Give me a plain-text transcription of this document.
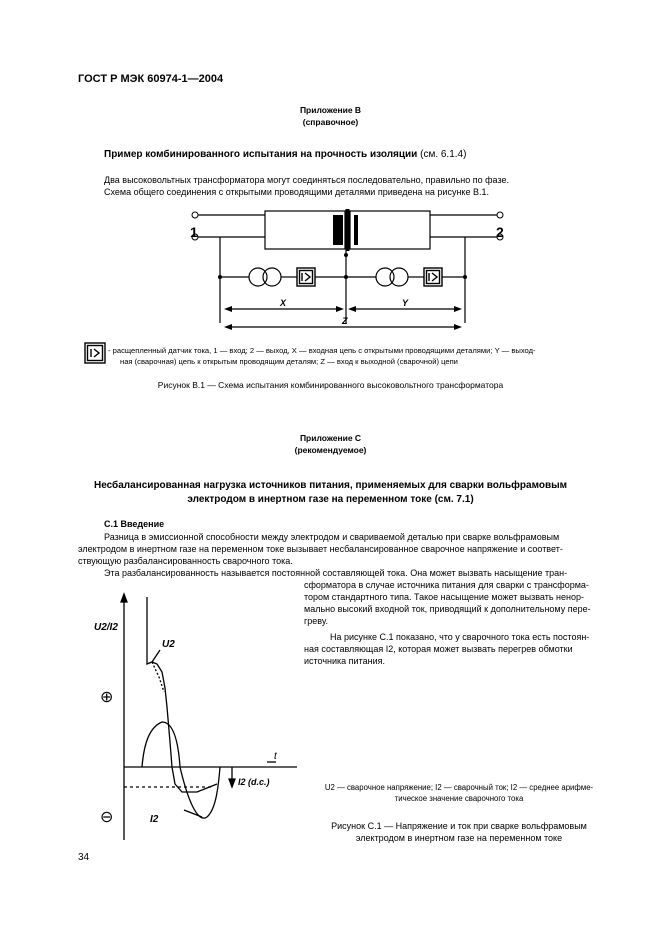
ГОСТ Р МЭК 60974-1—2004
Приложение В
(справочное)
Пример комбинированного испытания на прочность изоляции (см. 6.1.4)
Два высоковольтных трансформатора могут соединяться последовательно, правильно по фазе.
Схема общего соединения с открытыми проводящими деталями приведена на рисунке В.1.
1	2
X	Y
Z
- расщепленный датчик тока, 1 — вход; 2 — выход, X — входная цепь с открытыми проводящими деталями; Y — выход-
ная (сварочная) цепь к открытым проводящим деталям; Z — вход к выходной (сварочной) цепи
Рисунок В.1 — Схема испытания комбинированного высоковольтного трансформатора
Приложение С
(рекомендуемое)
Несбалансированная нагрузка источников питания, применяемых для сварки вольфрамовым
электродом в инертном газе на переменном токе (см. 7.1)
С.1 Введение
Разница в эмиссионной способности между электродом и свариваемой деталью при сварке вольфрамовым
электродом в инертном газе на переменном токе вызывает несбалансированное сварочное напряжение и соответ-
ствующую разбалансированность сварочного тока.
Эта разбалансированность называется постоянной составляющей тока. Она может вызвать насыщение тран-
сформатора в случае источника питания для сварки с трансформа-
тором стандартного типа. Такое насыщение может вызвать ненор-
мально высокий входной ток, приводящий к дополнительному пере-
греву.
На рисунке С.1 показано, что у сварочного тока есть постоян-
ная составляющая I2, которая может вызвать перегрев обмотки
источника питания.
U2/I2
⊕
⊖
U2
t
I2
I2 (d.c.)
U2 — сварочное напряжение; I2 — сварочный ток; I2 — среднее арифме-
тическое значение сварочного тока
Рисунок С.1 — Напряжение и ток при сварке вольфрамовым
электродом в инертном газе на переменном токе
34
